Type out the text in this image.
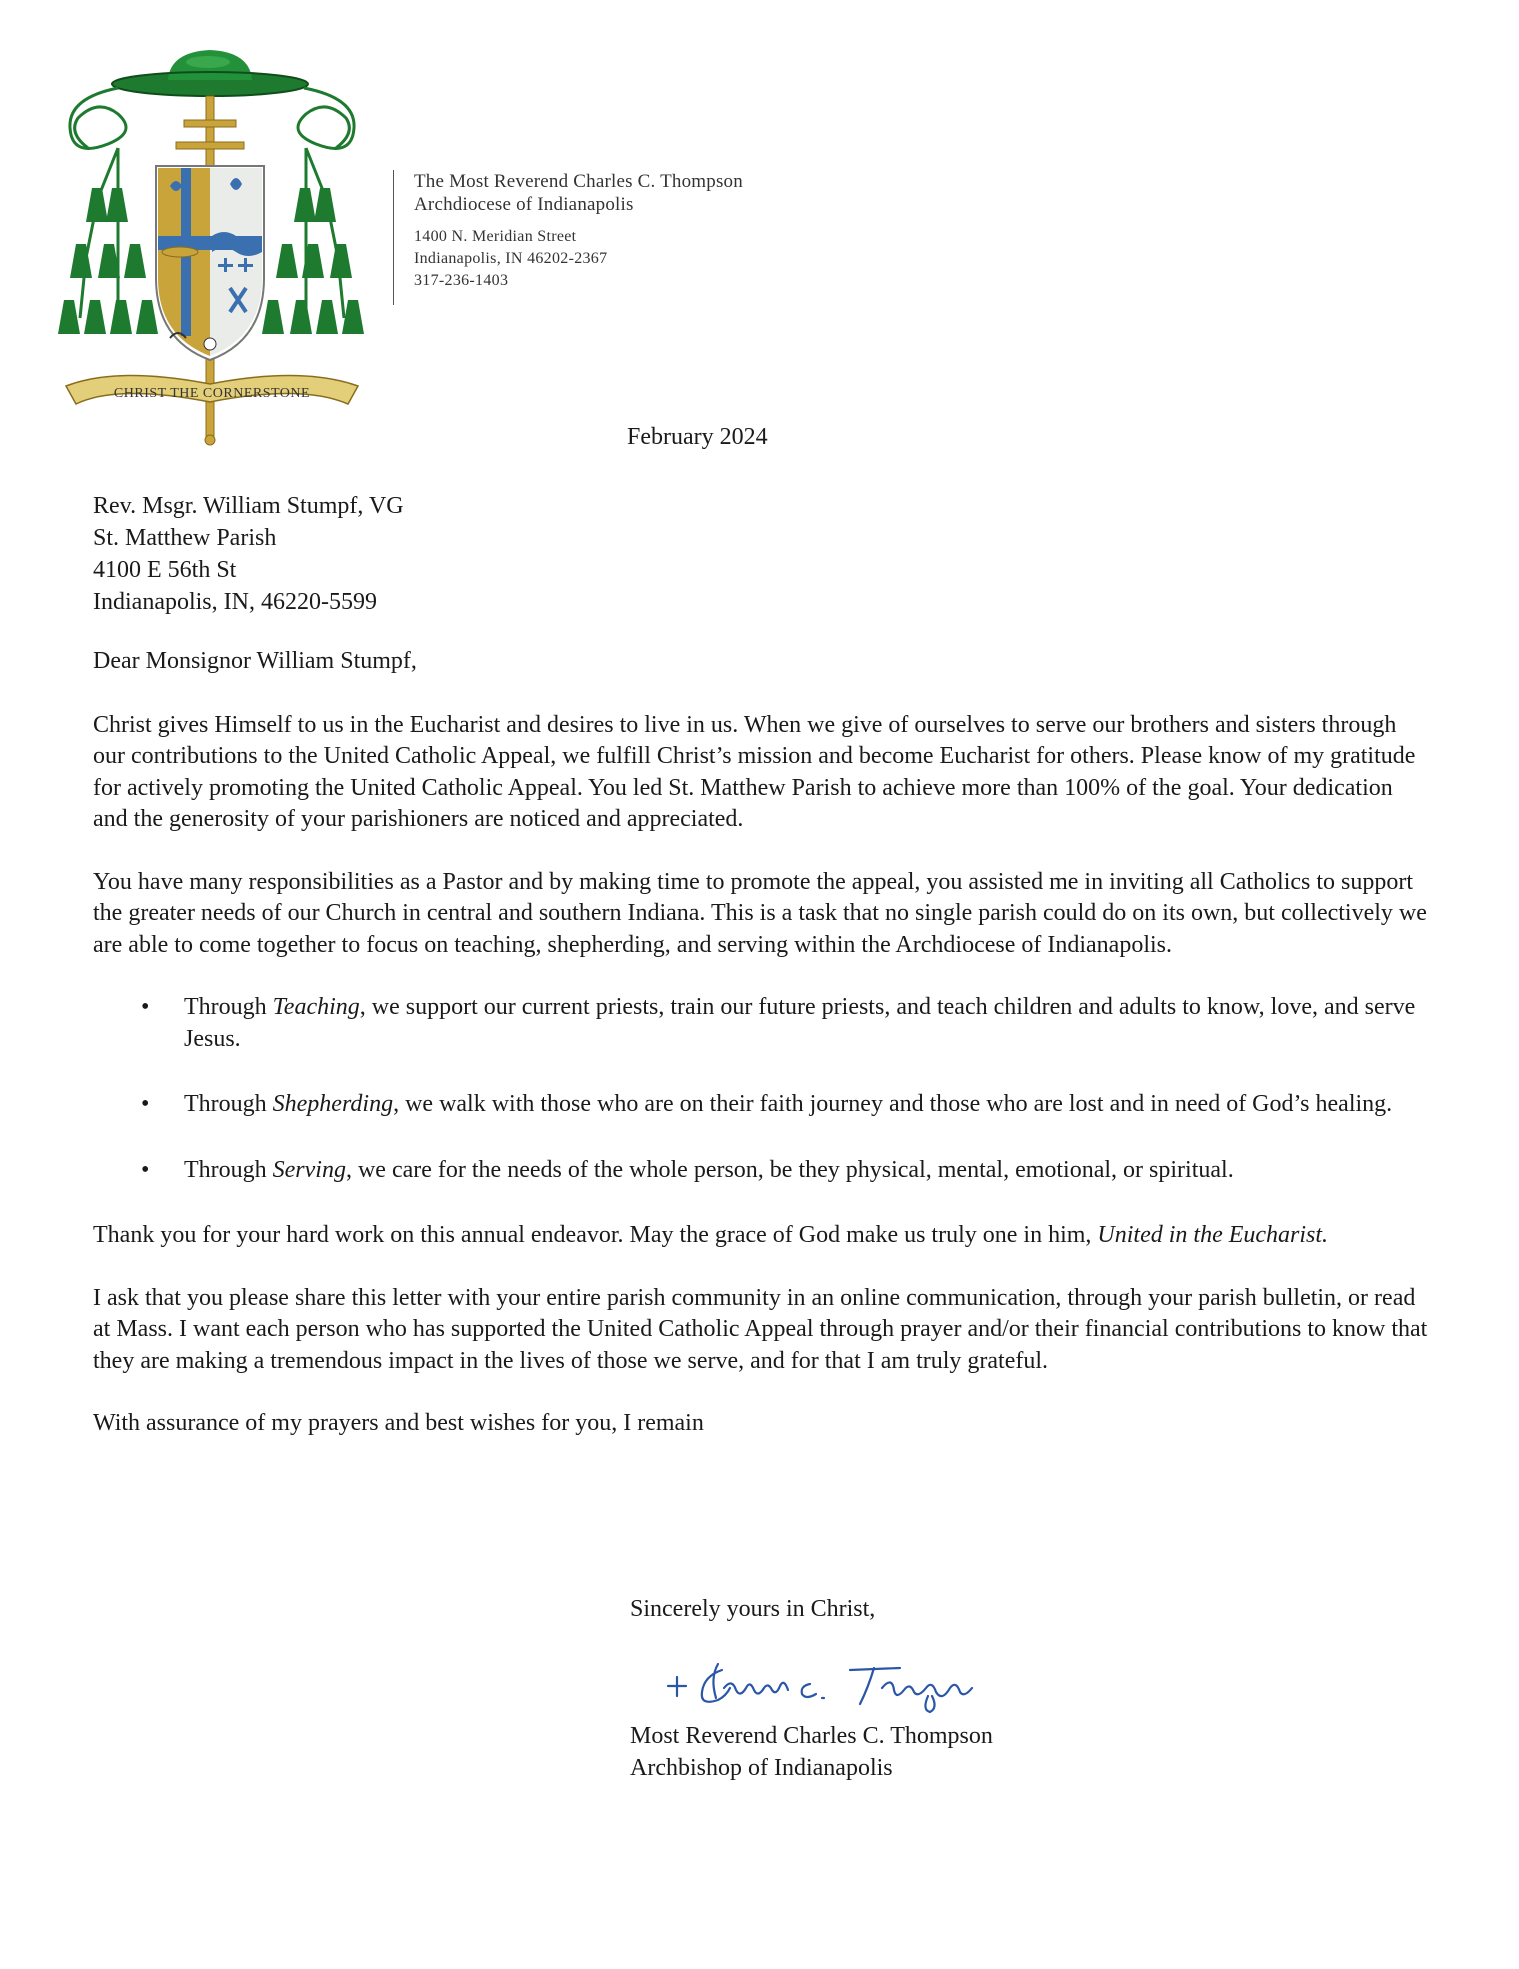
CHRIST THE CORNERSTONE
The Most Reverend Charles C. Thompson
Archdiocese of Indianapolis
1400 N. Meridian Street
Indianapolis, IN 46202-2367
317-236-1403
February 2024
Rev. Msgr. William Stumpf, VG
St. Matthew Parish
4100 E 56th St
Indianapolis, IN, 46220-5599

Dear Monsignor William Stumpf,

Christ gives Himself to us in the Eucharist and desires to live in us. When we give of ourselves to serve our brothers and sisters through our contributions to the United Catholic Appeal, we fulfill Christ’s mission and become Eucharist for others. Please know of my gratitude for actively promoting the United Catholic Appeal. You led St. Matthew Parish to achieve more than 100% of the goal. Your dedication and the generosity of your parishioners are noticed and appreciated.

You have many responsibilities as a Pastor and by making time to promote the appeal, you assisted me in inviting all Catholics to support the greater needs of our Church in central and southern Indiana. This is a task that no single parish could do on its own, but collectively we are able to come together to focus on teaching, shepherding, and serving within the Archdiocese of Indianapolis.

• Through Teaching, we support our current priests, train our future priests, and teach children and adults to know, love, and serve Jesus.
• Through Shepherding, we walk with those who are on their faith journey and those who are lost and in need of God’s healing.
• Through Serving, we care for the needs of the whole person, be they physical, mental, emotional, or spiritual.

Thank you for your hard work on this annual endeavor. May the grace of God make us truly one in him, United in the Eucharist.

I ask that you please share this letter with your entire parish community in an online communication, through your parish bulletin, or read at Mass. I want each person who has supported the United Catholic Appeal through prayer and/or their financial contributions to know that they are making a tremendous impact in the lives of those we serve, and for that I am truly grateful.

With assurance of my prayers and best wishes for you, I remain

Sincerely yours in Christ,
Most Reverend Charles C. Thompson
Archbishop of Indianapolis
